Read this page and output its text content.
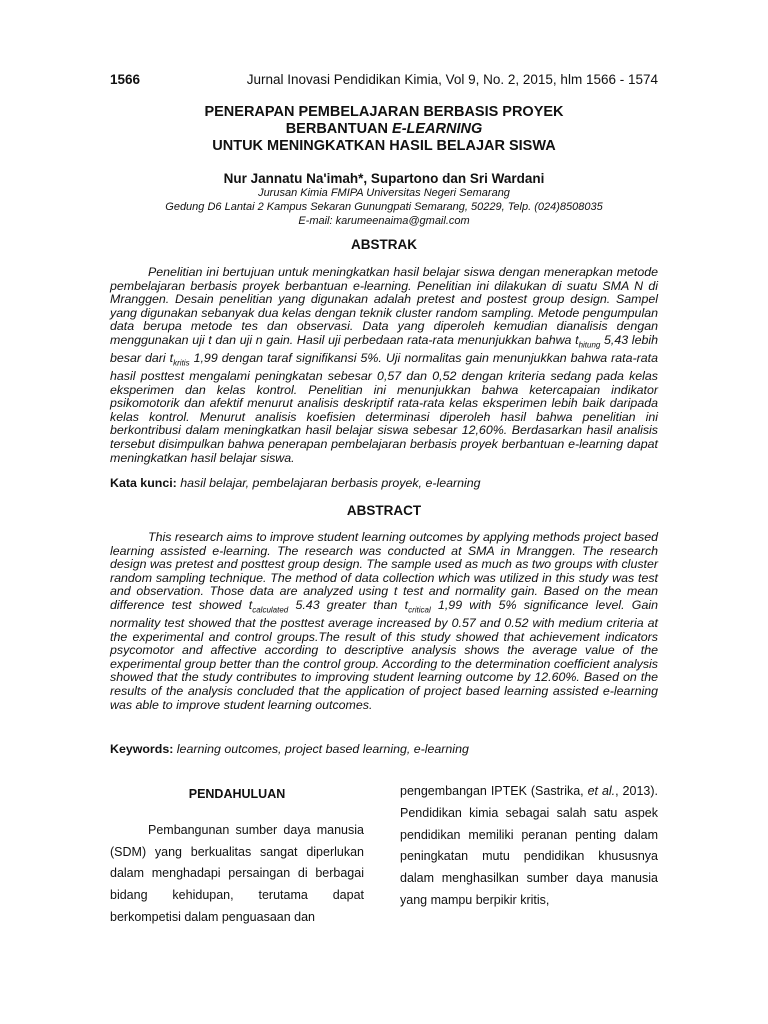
1566	Jurnal Inovasi Pendidikan Kimia, Vol 9, No. 2, 2015, hlm 1566 - 1574
PENERAPAN PEMBELAJARAN BERBASIS PROYEK
BERBANTUAN E-LEARNING
UNTUK MENINGKATKAN HASIL BELAJAR SISWA
Nur Jannatu Na'imah*, Supartono dan Sri Wardani
Jurusan Kimia FMIPA Universitas Negeri Semarang
Gedung D6 Lantai 2 Kampus Sekaran Gunungpati Semarang, 50229, Telp. (024)8508035
E-mail: karumeenaima@gmail.com
ABSTRAK

Penelitian ini bertujuan untuk meningkatkan hasil belajar siswa dengan menerapkan metode pembelajaran berbasis proyek berbantuan e-learning. Penelitian ini dilakukan di suatu SMA N di Mranggen. Desain penelitian yang digunakan adalah pretest and postest group design. Sampel yang digunakan sebanyak dua kelas dengan teknik cluster random sampling. Metode pengumpulan data berupa metode tes dan observasi. Data yang diperoleh kemudian dianalisis dengan menggunakan uji t dan uji n gain. Hasil uji perbedaan rata-rata menunjukkan bahwa $t_{hitung}$ 5,43 lebih besar dari $t_{kritis}$ 1,99 dengan taraf signifikansi 5%. Uji normalitas gain menunjukkan bahwa rata-rata hasil posttest mengalami peningkatan sebesar 0,57 dan 0,52 dengan kriteria sedang pada kelas eksperimen dan kelas kontrol. Penelitian ini menunjukkan bahwa ketercapaian indikator psikomotorik dan afektif menurut analisis deskriptif rata-rata kelas eksperimen lebih baik daripada kelas kontrol. Menurut analisis koefisien determinasi diperoleh hasil bahwa penelitian ini berkontribusi dalam meningkatkan hasil belajar siswa sebesar 12,60%. Berdasarkan hasil analisis tersebut disimpulkan bahwa penerapan pembelajaran berbasis proyek berbantuan e-learning dapat meningkatkan hasil belajar siswa.

Kata kunci: hasil belajar, pembelajaran berbasis proyek, e-learning
ABSTRACT

This research aims to improve student learning outcomes by applying methods project based learning assisted e-learning. The research was conducted at SMA in Mranggen. The research design was pretest and posttest group design. The sample used as much as two groups with cluster random sampling technique. The method of data collection which was utilized in this study was test and observation. Those data are analyzed using t test and normality gain. Based on the mean difference test showed $t_{calculated}$ 5.43 greater than $t_{critical}$ 1,99 with 5% significance level. Gain normality test showed that the posttest average increased by 0.57 and 0.52 with medium criteria at the experimental and control groups.The result of this study showed that achievement indicators psycomotor and affective according to descriptive analysis shows the average value of the experimental group better than the control group. According to the determination coefficient analysis showed that the study contributes to improving student learning outcome by 12.60%. Based on the results of the analysis concluded that the application of project based learning assisted e-learning was able to improve student learning outcomes.

Keywords: learning outcomes, project based learning, e-learning
PENDAHULUAN

Pembangunan sumber daya manusia (SDM) yang berkualitas sangat diperlukan dalam menghadapi persaingan di berbagai bidang kehidupan, terutama dapat berkompetisi dalam penguasaan dan

pengembangan IPTEK (Sastrika, et al., 2013). Pendidikan kimia sebagai salah satu aspek pendidikan memiliki peranan penting dalam peningkatan mutu pendidikan khususnya dalam menghasilkan sumber daya manusia yang mampu berpikir kritis,
